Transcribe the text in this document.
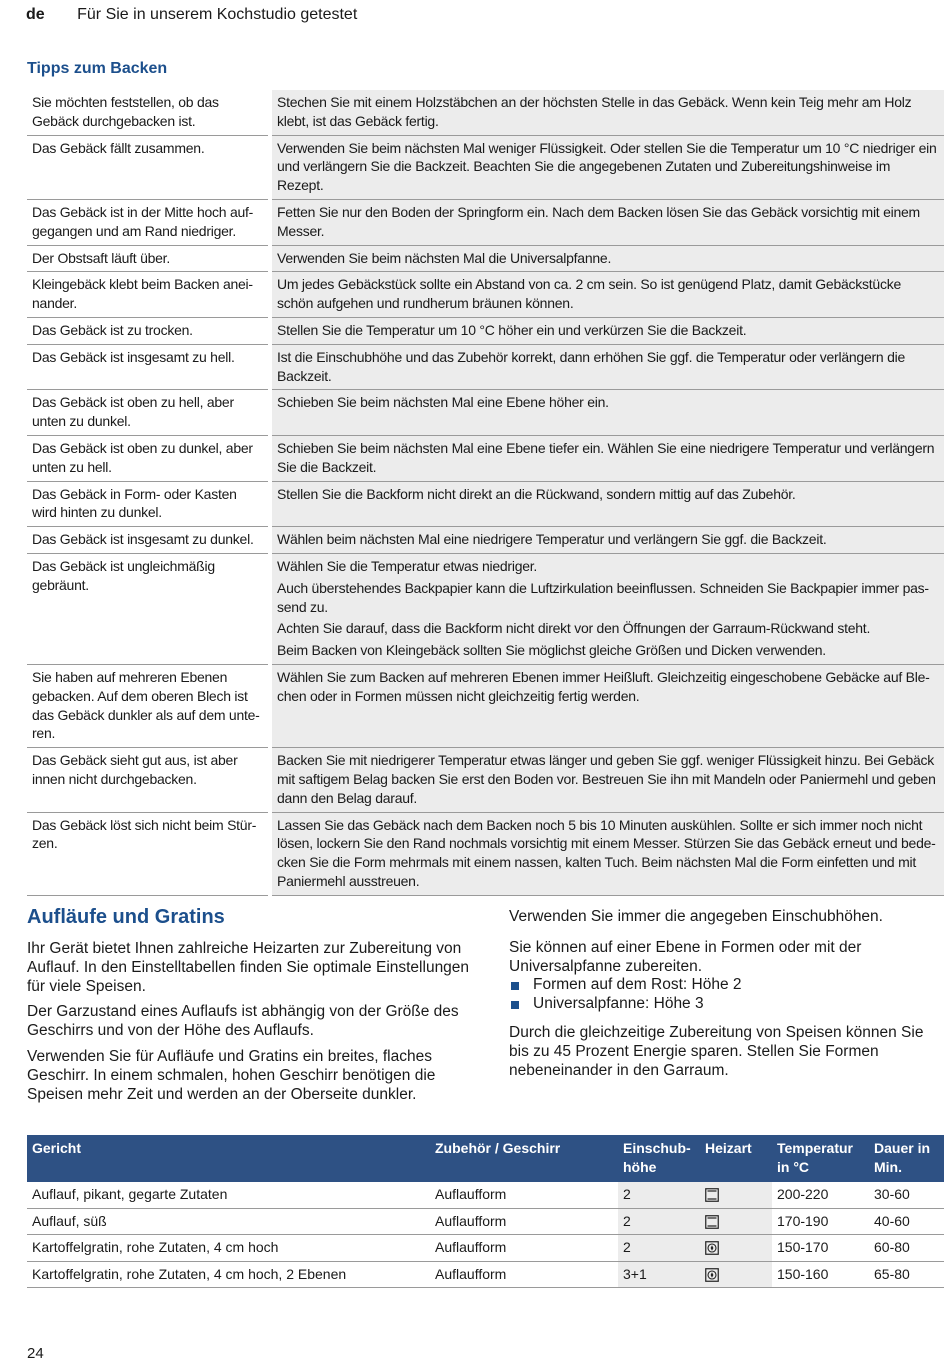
de Für Sie in unserem Kochstudio getestet
Tipps zum Backen
Sie möchten feststellen, ob das Gebäck durchgebacken ist.	Stechen Sie mit einem Holzstäbchen an der höchsten Stelle in das Gebäck. Wenn kein Teig mehr am Holz klebt, ist das Gebäck fertig.

Das Gebäck fällt zusammen.	Verwenden Sie beim nächsten Mal weniger Flüssigkeit. Oder stellen Sie die Temperatur um 10 °C niedriger ein und verlängern Sie die Backzeit. Beachten Sie die angegebenen Zutaten und Zubereitungshinweise im Rezept.

Das Gebäck ist in der Mitte hoch auf-gegangen und am Rand niedriger.	Fetten Sie nur den Boden der Springform ein. Nach dem Backen lösen Sie das Gebäck vorsichtig mit einem Messer.

Der Obstsaft läuft über.	Verwenden Sie beim nächsten Mal die Universalpfanne.

Kleingebäck klebt beim Backen anei-nander.	Um jedes Gebäckstück sollte ein Abstand von ca. 2 cm sein. So ist genügend Platz, damit Gebäckstücke schön aufgehen und rundherum bräunen können.

Das Gebäck ist zu trocken.	Stellen Sie die Temperatur um 10 °C höher ein und verkürzen Sie die Backzeit.

Das Gebäck ist insgesamt zu hell.	Ist die Einschubhöhe und das Zubehör korrekt, dann erhöhen Sie ggf. die Temperatur oder verlängern die Backzeit.

Das Gebäck ist oben zu hell, aber unten zu dunkel.	Schieben Sie beim nächsten Mal eine Ebene höher ein.

Das Gebäck ist oben zu dunkel, aber unten zu hell.	Schieben Sie beim nächsten Mal eine Ebene tiefer ein. Wählen Sie eine niedrigere Temperatur und verlängern Sie die Backzeit.

Das Gebäck in Form- oder Kasten wird hinten zu dunkel.	Stellen Sie die Backform nicht direkt an die Rückwand, sondern mittig auf das Zubehör.

Das Gebäck ist insgesamt zu dunkel.	Wählen beim nächsten Mal eine niedrigere Temperatur und verlängern Sie ggf. die Backzeit.

Das Gebäck ist ungleichmäßig gebräunt.	Wählen Sie die Temperatur etwas niedriger.

Auch überstehendes Backpapier kann die Luftzirkulation beeinflussen. Schneiden Sie Backpapier immer pas-send zu.

Achten Sie darauf, dass die Backform nicht direkt vor den Öffnungen der Garraum-Rückwand steht.

Beim Backen von Kleingebäck sollten Sie möglichst gleiche Größen und Dicken verwenden.

Sie haben auf mehreren Ebenen gebacken. Auf dem oberen Blech ist das Gebäck dunkler als auf dem unte-ren.	Wählen Sie zum Backen auf mehreren Ebenen immer Heißluft. Gleichzeitig eingeschobene Gebäcke auf Ble-chen oder in Formen müssen nicht gleichzeitig fertig werden.

Das Gebäck sieht gut aus, ist aber innen nicht durchgebacken.	Backen Sie mit niedrigerer Temperatur etwas länger und geben Sie ggf. weniger Flüssigkeit hinzu. Bei Gebäck mit saftigem Belag backen Sie erst den Boden vor. Bestreuen Sie ihn mit Mandeln oder Paniermehl und geben dann den Belag darauf.

Das Gebäck löst sich nicht beim Stür-zen.	Lassen Sie das Gebäck nach dem Backen noch 5 bis 10 Minuten auskühlen. Sollte er sich immer noch nicht lösen, lockern Sie den Rand nochmals vorsichtig mit einem Messer. Stürzen Sie das Gebäck erneut und bede-cken Sie die Form mehrmals mit einem nassen, kalten Tuch. Beim nächsten Mal die Form einfetten und mit Paniermehl ausstreuen.

Aufläufe und Gratins

Ihr Gerät bietet Ihnen zahlreiche Heizarten zur Zubereitung von Auflauf. In den Einstelltabellen finden Sie optimale Einstellungen für viele Speisen.

Der Garzustand eines Auflaufs ist abhängig von der Größe des Geschirrs und von der Höhe des Auflaufs.

Verwenden Sie für Aufläufe und Gratins ein breites, flaches Geschirr. In einem schmalen, hohen Geschirr benötigen die Speisen mehr Zeit und werden an der Oberseite dunkler.

Verwenden Sie immer die angegeben Einschubhöhen.

Sie können auf einer Ebene in Formen oder mit der Universalpfanne zubereiten.

Formen auf dem Rost: Höhe 2
Universalpfanne: Höhe 3

Durch die gleichzeitige Zubereitung von Speisen können Sie bis zu 45 Prozent Energie sparen. Stellen Sie Formen nebeneinander in den Garraum.

Gericht	Zubehör / Geschirr	Einschub-höhe	Heizart	Temperatur in °C	Dauer in Min.
Auflauf, pikant, gegarte Zutaten	Auflaufform	2		200-220	30-60
Auflauf, süß	Auflaufform	2		170-190	40-60
Kartoffelgratin, rohe Zutaten, 4 cm hoch	Auflaufform	2		150-170	60-80
Kartoffelgratin, rohe Zutaten, 4 cm hoch, 2 Ebenen	Auflaufform	3+1		150-160	65-80
24
